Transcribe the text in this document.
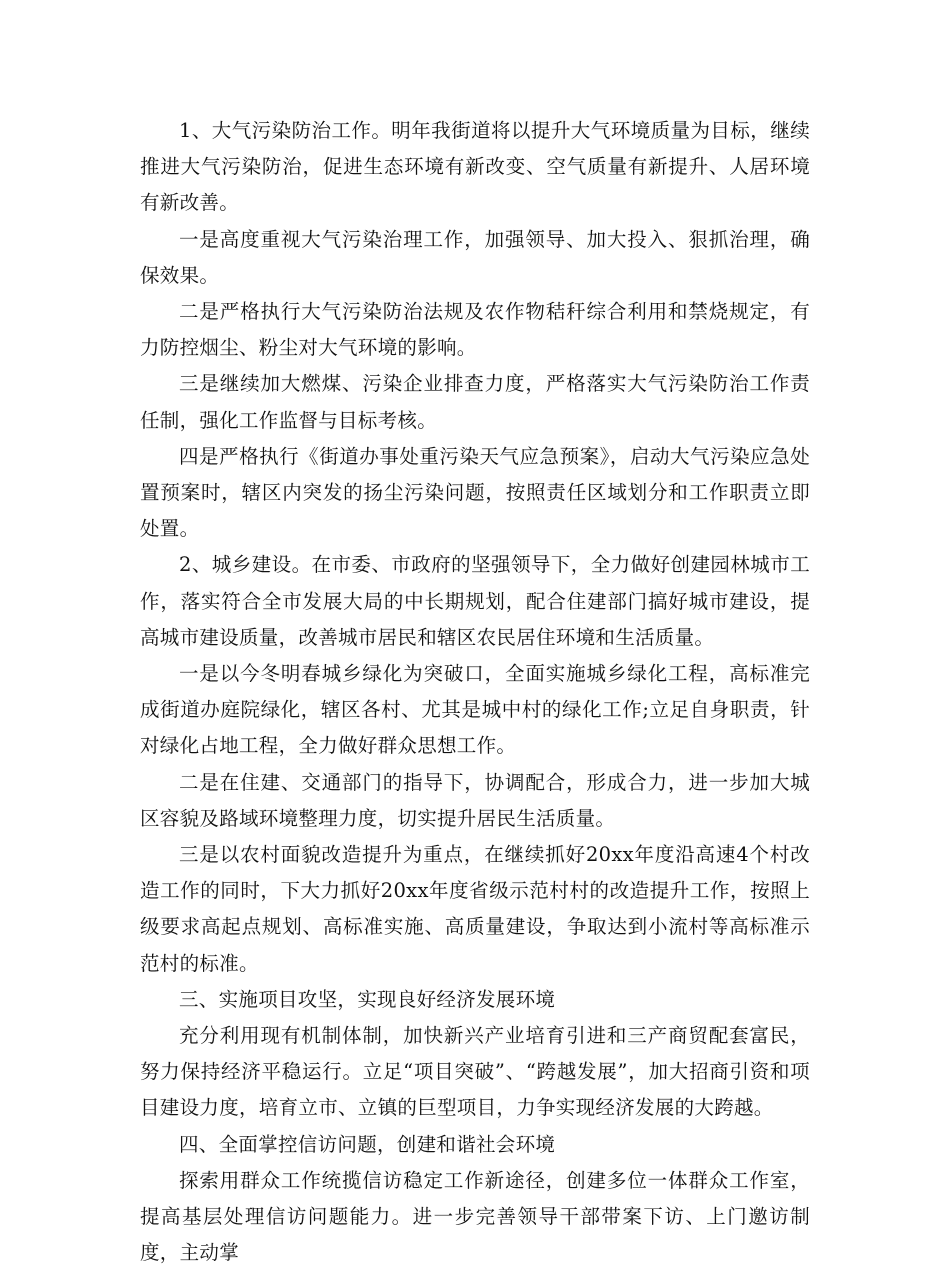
1、大气污染防治工作。明年我街道将以提升大气环境质量为目标，继续推进大气污染防治，促进生态环境有新改变、空气质量有新提升、人居环境有新改善。

一是高度重视大气污染治理工作，加强领导、加大投入、狠抓治理，确保效果。

二是严格执行大气污染防治法规及农作物秸秆综合利用和禁烧规定，有力防控烟尘、粉尘对大气环境的影响。

三是继续加大燃煤、污染企业排查力度，严格落实大气污染防治工作责任制，强化工作监督与目标考核。

四是严格执行《街道办事处重污染天气应急预案》，启动大气污染应急处置预案时，辖区内突发的扬尘污染问题，按照责任区域划分和工作职责立即处置。

2、城乡建设。在市委、市政府的坚强领导下，全力做好创建园林城市工作，落实符合全市发展大局的中长期规划，配合住建部门搞好城市建设，提高城市建设质量，改善城市居民和辖区农民居住环境和生活质量。

一是以今冬明春城乡绿化为突破口，全面实施城乡绿化工程，高标准完成街道办庭院绿化，辖区各村、尤其是城中村的绿化工作;立足自身职责，针对绿化占地工程，全力做好群众思想工作。

二是在住建、交通部门的指导下，协调配合，形成合力，进一步加大城区容貌及路域环境整理力度，切实提升居民生活质量。

三是以农村面貌改造提升为重点，在继续抓好20xx年度沿高速4个村改造工作的同时，下大力抓好20xx年度省级示范村村的改造提升工作，按照上级要求高起点规划、高标准实施、高质量建设，争取达到小流村等高标准示范村的标准。

三、实施项目攻坚，实现良好经济发展环境

充分利用现有机制体制，加快新兴产业培育引进和三产商贸配套富民，努力保持经济平稳运行。立足“项目突破”、“跨越发展”，加大招商引资和项目建设力度，培育立市、立镇的巨型项目，力争实现经济发展的大跨越。

四、全面掌控信访问题，创建和谐社会环境

探索用群众工作统揽信访稳定工作新途径，创建多位一体群众工作室，提高基层处理信访问题能力。进一步完善领导干部带案下访、上门邀访制度，主动掌
